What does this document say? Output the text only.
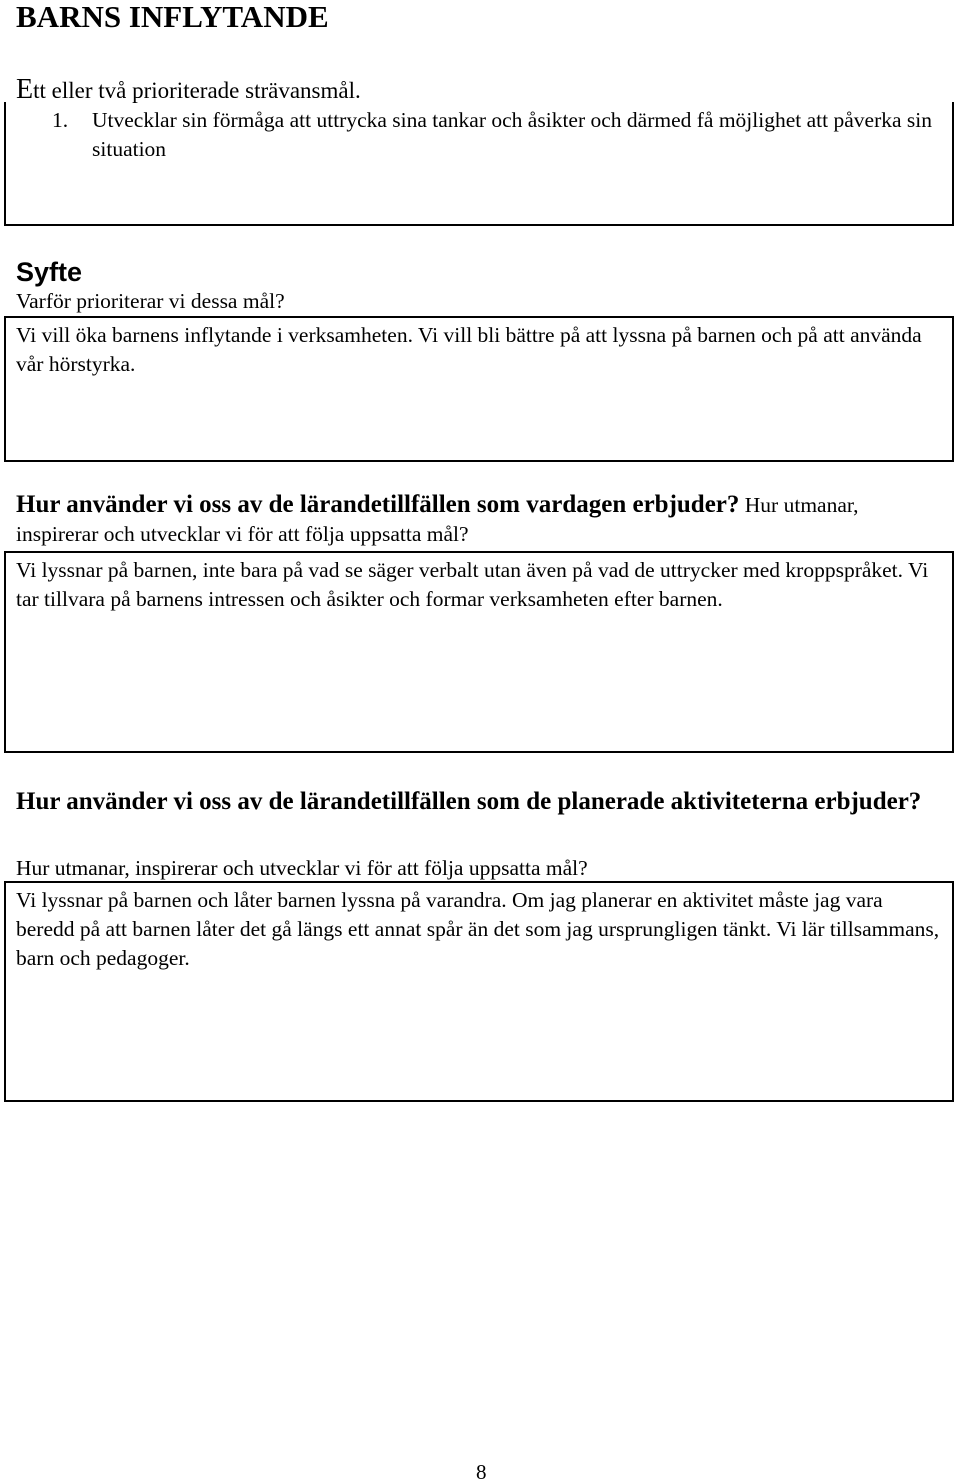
BARNS INFLYTANDE
Ett eller två prioriterade strävansmål.
1. Utvecklar sin förmåga att uttrycka sina tankar och åsikter och därmed få möjlighet att påverka sin situation
Syfte
Varför prioriterar vi dessa mål?
Vi vill öka barnens inflytande i verksamheten. Vi vill bli bättre på att lyssna på barnen och på att använda vår hörstyrka.
Hur använder vi oss av de lärandetillfällen som vardagen erbjuder? Hur utmanar, inspirerar och utvecklar vi för att följa uppsatta mål?
Vi lyssnar på barnen, inte bara på vad se säger verbalt utan även på vad de uttrycker med kroppspråket. Vi tar tillvara på barnens intressen och åsikter och formar verksamheten efter barnen.
Hur använder vi oss av de lärandetillfällen som de planerade aktiviteterna erbjuder?
Hur utmanar, inspirerar och utvecklar vi för att följa uppsatta mål?
Vi lyssnar på barnen och låter barnen lyssna på varandra. Om jag planerar en aktivitet måste jag vara beredd på att barnen låter det gå längs ett annat spår än det som jag ursprungligen tänkt. Vi lär tillsammans, barn och pedagoger.
8
